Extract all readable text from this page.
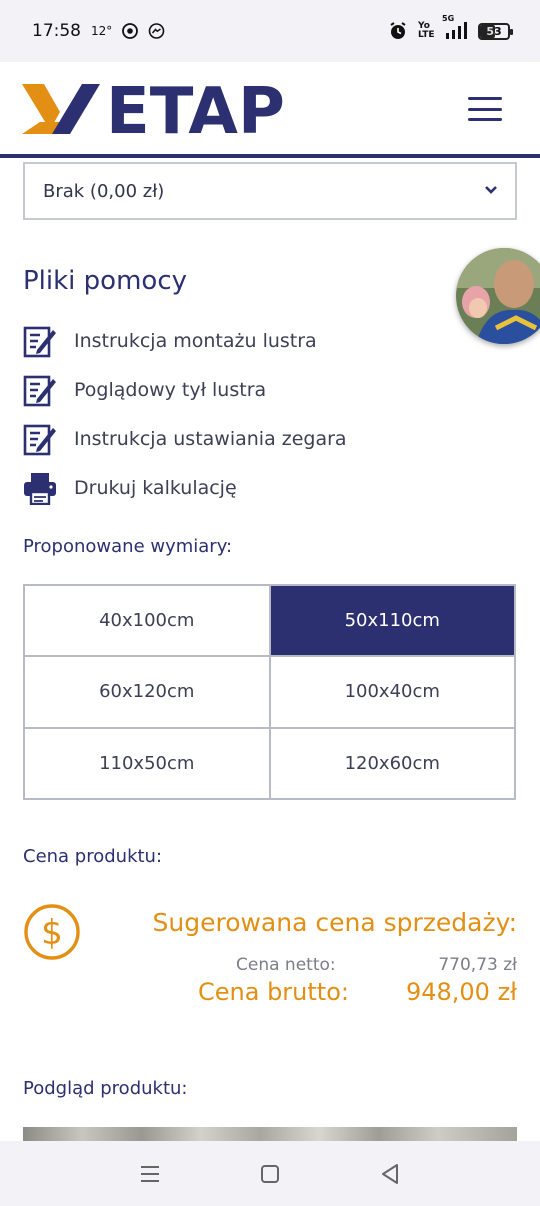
17:58 12°	Yo LTE
5G
53
ETAP
Brak (0,00 zł)
Pliki pomocy
Instrukcja montażu lustra
Poglądowy tył lustra
Instrukcja ustawiania zegara
Drukuj kalkulację
Proponowane wymiary:
40x100cm	50x110cm
60x120cm	100x40cm
110x50cm	120x60cm
Cena produktu:
$	Sugerowana cena sprzedaży:
Cena netto:	770,73 zł
Cena brutto: 948,00 zł
Podgląd produktu:
